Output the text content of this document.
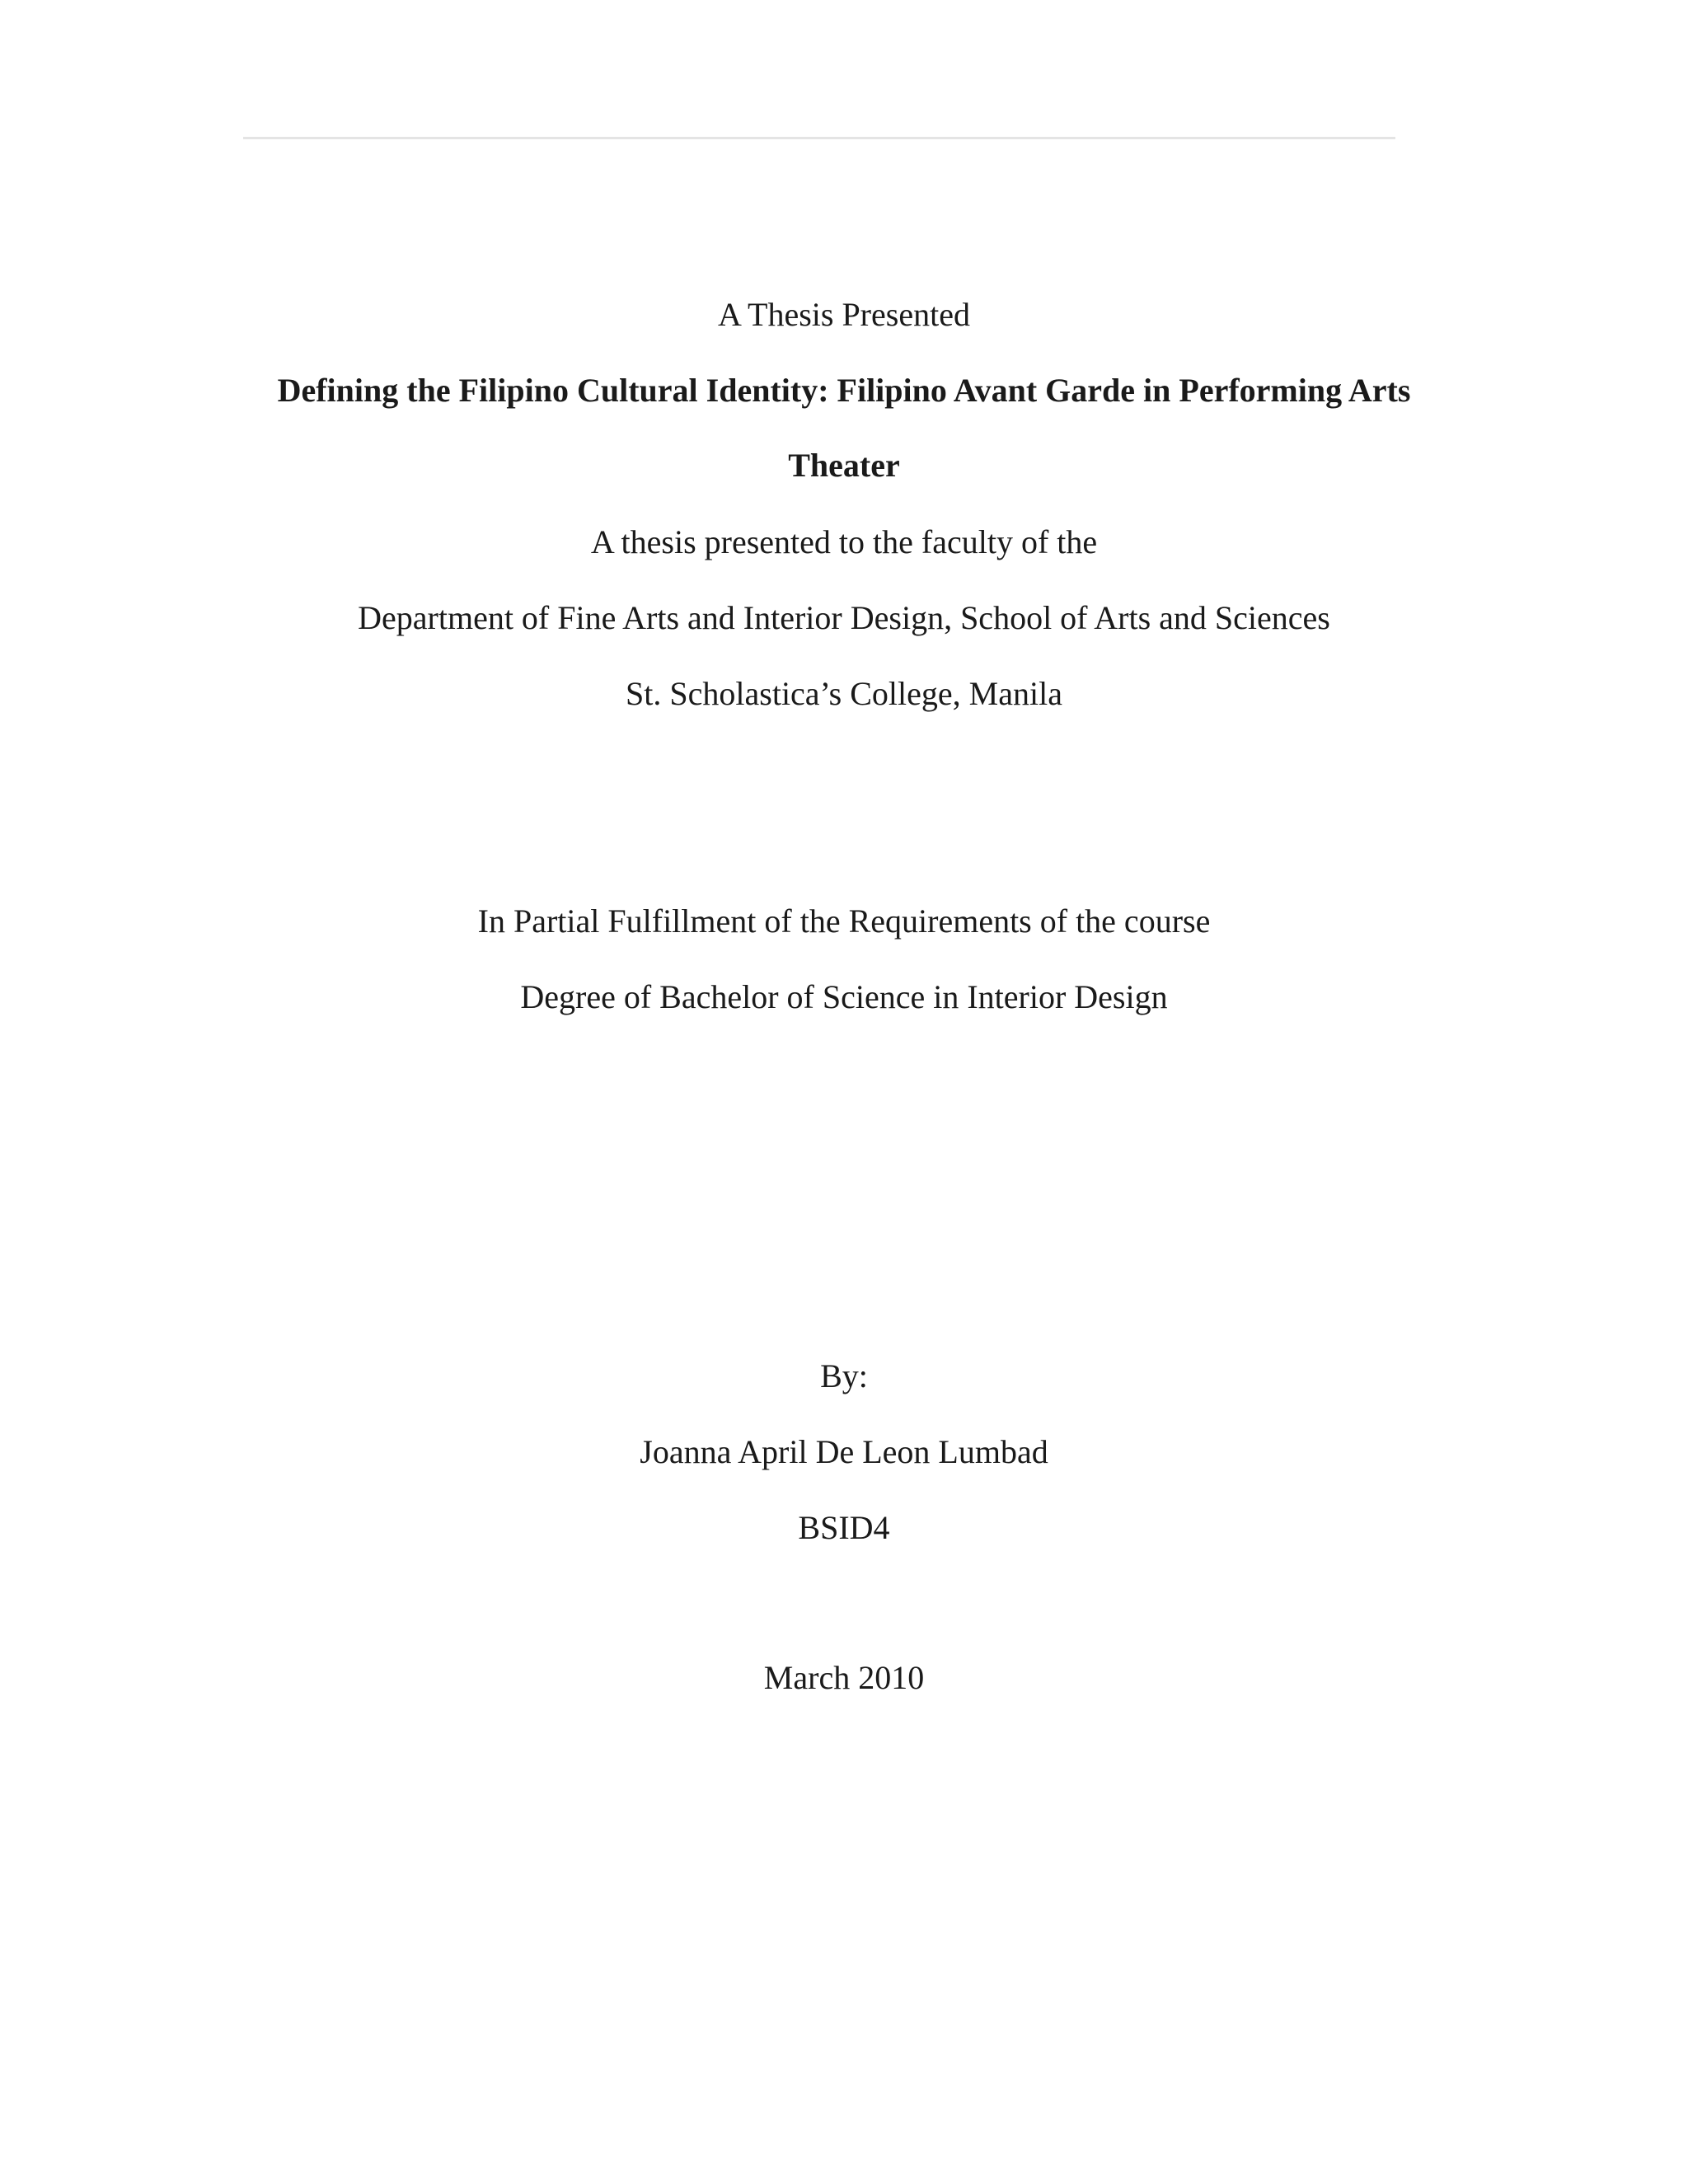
A Thesis Presented
Defining the Filipino Cultural Identity: Filipino Avant Garde in Performing Arts
Theater
A thesis presented to the faculty of the
Department of Fine Arts and Interior Design, School of Arts and Sciences
St. Scholastica’s College, Manila
In Partial Fulfillment of the Requirements of the course
Degree of Bachelor of Science in Interior Design
By:
Joanna April De Leon Lumbad
BSID4
March 2010
